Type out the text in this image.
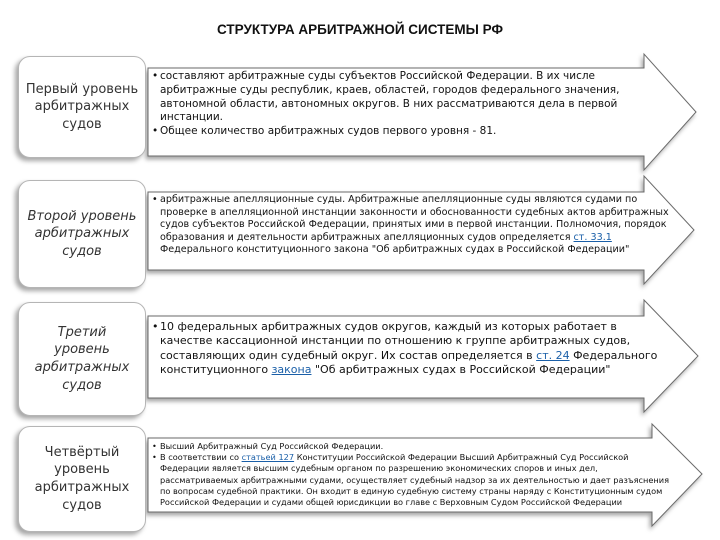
СТРУКТУРА АРБИТРАЖНОЙ СИСТЕМЫ РФ
Первый уровень
арбитражных
судов
Второй уровень
арбитражных
судов
Третий
уровень
арбитражных
судов
Четвёртый
уровень
арбитражных
судов
• составляют арбитражные суды субъектов Российской Федерации. В их числе арбитражные суды республик, краев, областей, городов федерального значения, автономной области, автономных округов. В них рассматриваются дела в первой инстанции.
• Общее количество арбитражных судов первого уровня - 81.
• арбитражные апелляционные суды. Арбитражные апелляционные суды являются судами по проверке в апелляционной инстанции законности и обоснованности судебных актов арбитражных судов субъектов Российской Федерации, принятых ими в первой инстанции. Полномочия, порядок образования и деятельности арбитражных апелляционных судов определяется ст. 33.1 Федерального конституционного закона "Об арбитражных судах в Российской Федерации"
• 10 федеральных арбитражных судов округов, каждый из которых работает в качестве кассационной инстанции по отношению к группе арбитражных судов, составляющих один судебный округ. Их состав определяется в ст. 24 Федерального конституционного закона "Об арбитражных судах в Российской Федерации"
• Высший Арбитражный Суд Российской Федерации.
• В соответствии со статьей 127 Конституции Российской Федерации Высший Арбитражный Суд Российской Федерации является высшим судебным органом по разрешению экономических споров и иных дел, рассматриваемых арбитражными судами, осуществляет судебный надзор за их деятельностью и дает разъяснения по вопросам судебной практики. Он входит в единую судебную систему страны наряду с Конституционным судом Российской Федерации и судами общей юрисдикции во главе с Верховным Судом Российской Федерации
